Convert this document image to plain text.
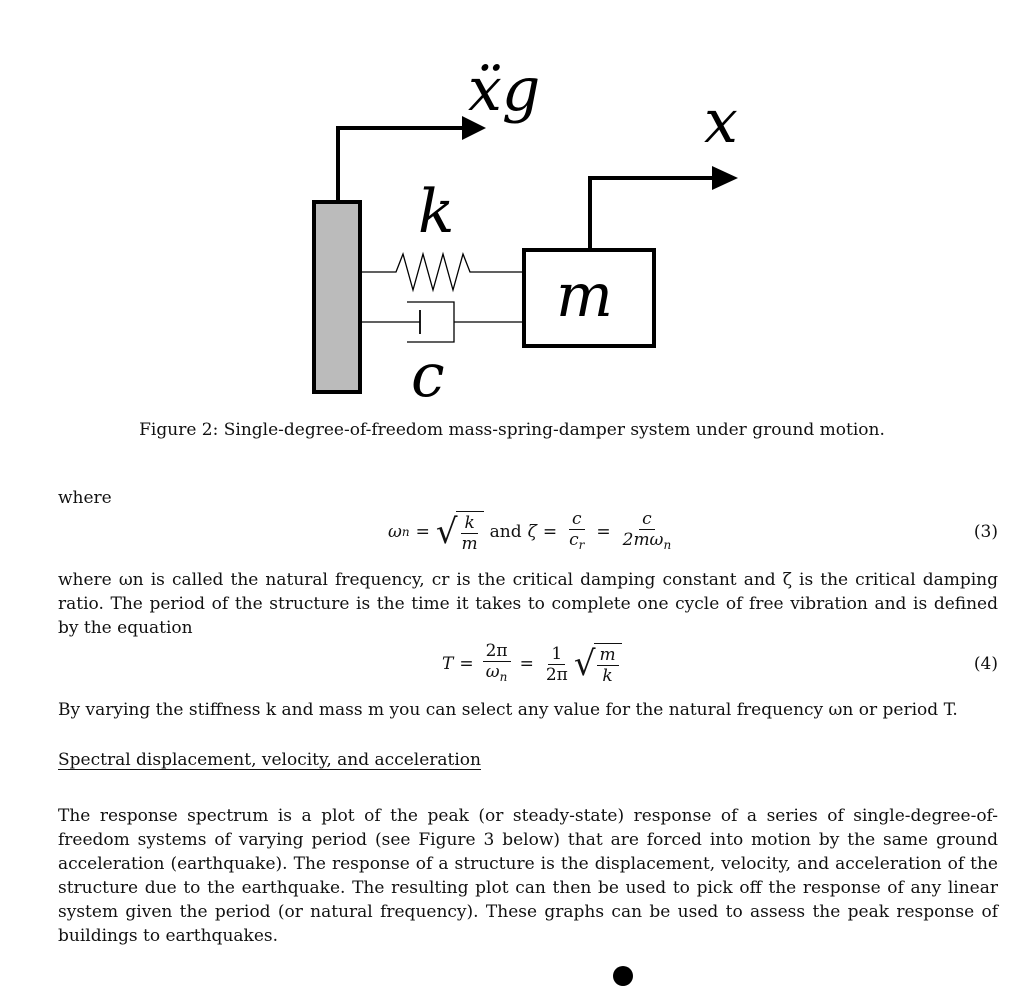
ẍg
k
c
m
x
Figure 2: Single-degree-of-freedom mass-spring-damper system under ground motion.
where
ω n = √ $\frac{k}{m}$ and $\zeta = \frac{c}{c_r} = \frac{c}{2m\omega_n}$	(3)
where ωn is called the natural frequency, cr is the critical damping constant and ζ is the critical damping ratio. The period of the structure is the time it takes to complete one cycle of free vibration and is defined by the equation
$T = \frac{2\pi}{\omega_n} = \frac{1}{2\pi}$ √ $\frac{m}{k}$	(4)
By varying the stiffness k and mass m you can select any value for the natural frequency ωn or period T.
Spectral displacement, velocity, and acceleration
The response spectrum is a plot of the peak (or steady-state) response of a series of single-degree-of-freedom systems of varying period (see Figure 3 below) that are forced into motion by the same ground acceleration (earthquake). The response of a structure is the displacement, velocity, and acceleration of the structure due to the earthquake. The resulting plot can then be used to pick off the response of any linear system given the period (or natural frequency). These graphs can be used to assess the peak response of buildings to earthquakes.
